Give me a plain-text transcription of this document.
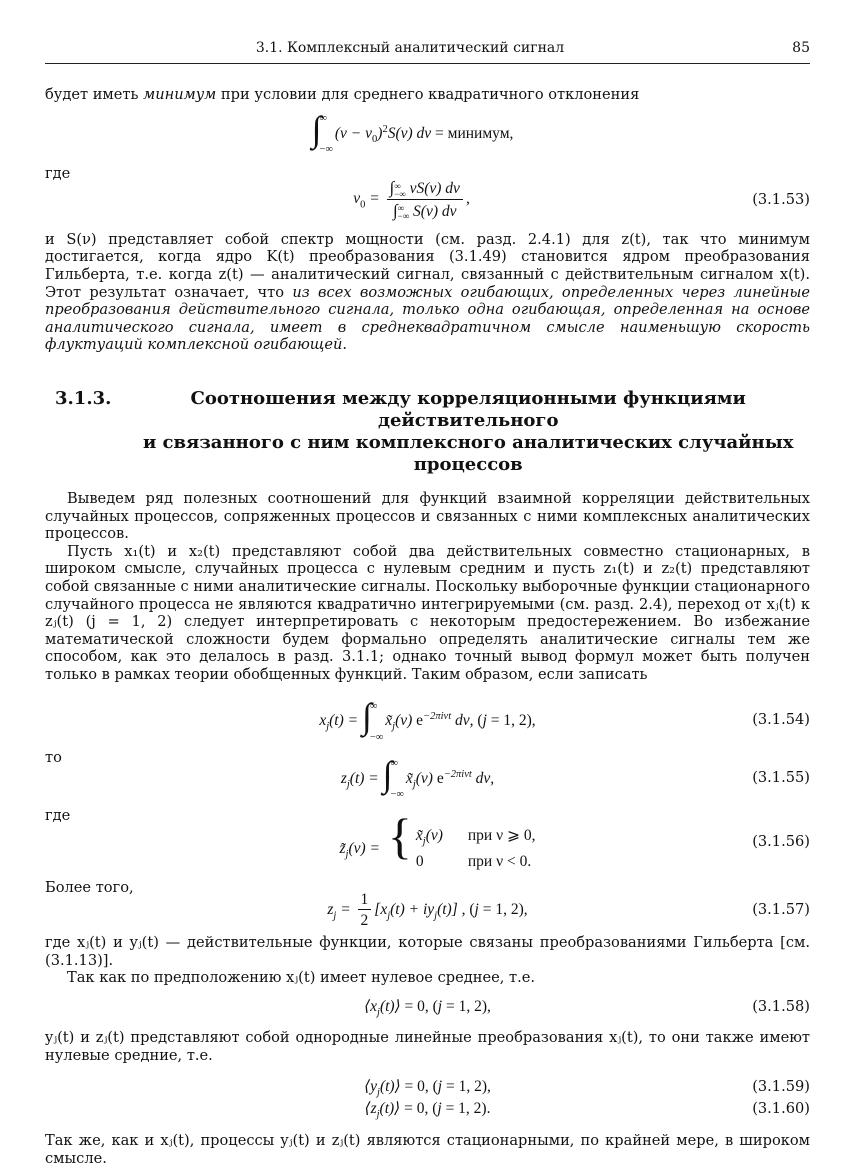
3.1. Комплексный аналитический сигнал	85

будет иметь минимум при условии для среднего квадратичного отклонения

∫
∞
−∞
$(\nu - \nu_0)^2S(\nu)$ dν = минимум,

где

$\nu_0$ = ∫ ∞
−∞ νS(ν) dν
∫ ∞
−∞ S(ν) dν ,	(3.1.53)

и S(ν) представляет собой спектр мощности (см. разд. 2.4.1) для z(t), так что минимум достигается, когда ядро K(t) преобразования (3.1.49) становится ядром преобразования Гильберта, т.е. когда z(t) — аналитический сигнал, связанный с действительным сигналом x(t). Этот результат означает, что из всех возможных огибающих, определенных через линейные преобразования действительного сигнала, только одна огибающая, определенная на основе аналитического сигнала, имеет в среднеквадратичном смысле наименьшую скорость флуктуаций комплексной огибающей.

3.1.3.	Соотношения между корреляционными функциями действительного
и связанного с ним комплексного аналитических случайных процессов

Выведем ряд полезных соотношений для функций взаимной корреляции действительных случайных процессов, сопряженных процессов и связанных с ними комплексных аналитических процессов.

Пусть x₁(t) и x₂(t) представляют собой два действительных совместно стационарных, в широком смысле, случайных процесса с нулевым средним и пусть z₁(t) и z₂(t) представляют собой связанные с ними аналитические сигналы. Поскольку выборочные функции стационарного случайного процесса не являются квадратично интегрируемыми (см. разд. 2.4), переход от xⱼ(t) к zⱼ(t) (j = 1, 2) следует интерпретировать с некоторым предостережением. Во избежание математической сложности будем формально определять аналитические сигналы тем же способом, как это делалось в разд. 3.1.1; однако точный вывод формул может быть получен только в рамках теории обобщенных функций. Таким образом, если записать

$x_j(t)$ = ∫
∞
−∞
$x̃_j(\nu)$ $e^{-2\pi i\nu t}$ dν, (j = 1, 2),	(3.1.54)

то

$z_j(t)$ = ∫
∞
−∞
$x̃_j(\nu)$ $e^{-2\pi i\nu t}$ dν,	(3.1.55)

где

$z̃_j(\nu)$ = { $x̃_j(\nu)$	при ν ⩾ 0,
0	при ν < 0.
(3.1.56)

Более того,

$z_j = \frac{1}{2} [x_j(t) + iy_j(t)]$ , (j = 1, 2),	(3.1.57)

где xⱼ(t) и yⱼ(t) — действительные функции, которые связаны преобразованиями Гильберта [см. (3.1.13)].

Так как по предположению xⱼ(t) имеет нулевое среднее, т.е.

$⟨x_j(t)⟩ = 0$, (j = 1, 2),	(3.1.58)

yⱼ(t) и zⱼ(t) представляют собой однородные линейные преобразования xⱼ(t), то они также имеют нулевые средние, т.е.

$⟨y_j(t)⟩ = 0$, (j = 1, 2),	(3.1.59)
$⟨z_j(t)⟩ = 0$, (j = 1, 2).	(3.1.60)

Так же, как и xⱼ(t), процессы yⱼ(t) и zⱼ(t) являются стационарными, по крайней мере, в широком смысле.
